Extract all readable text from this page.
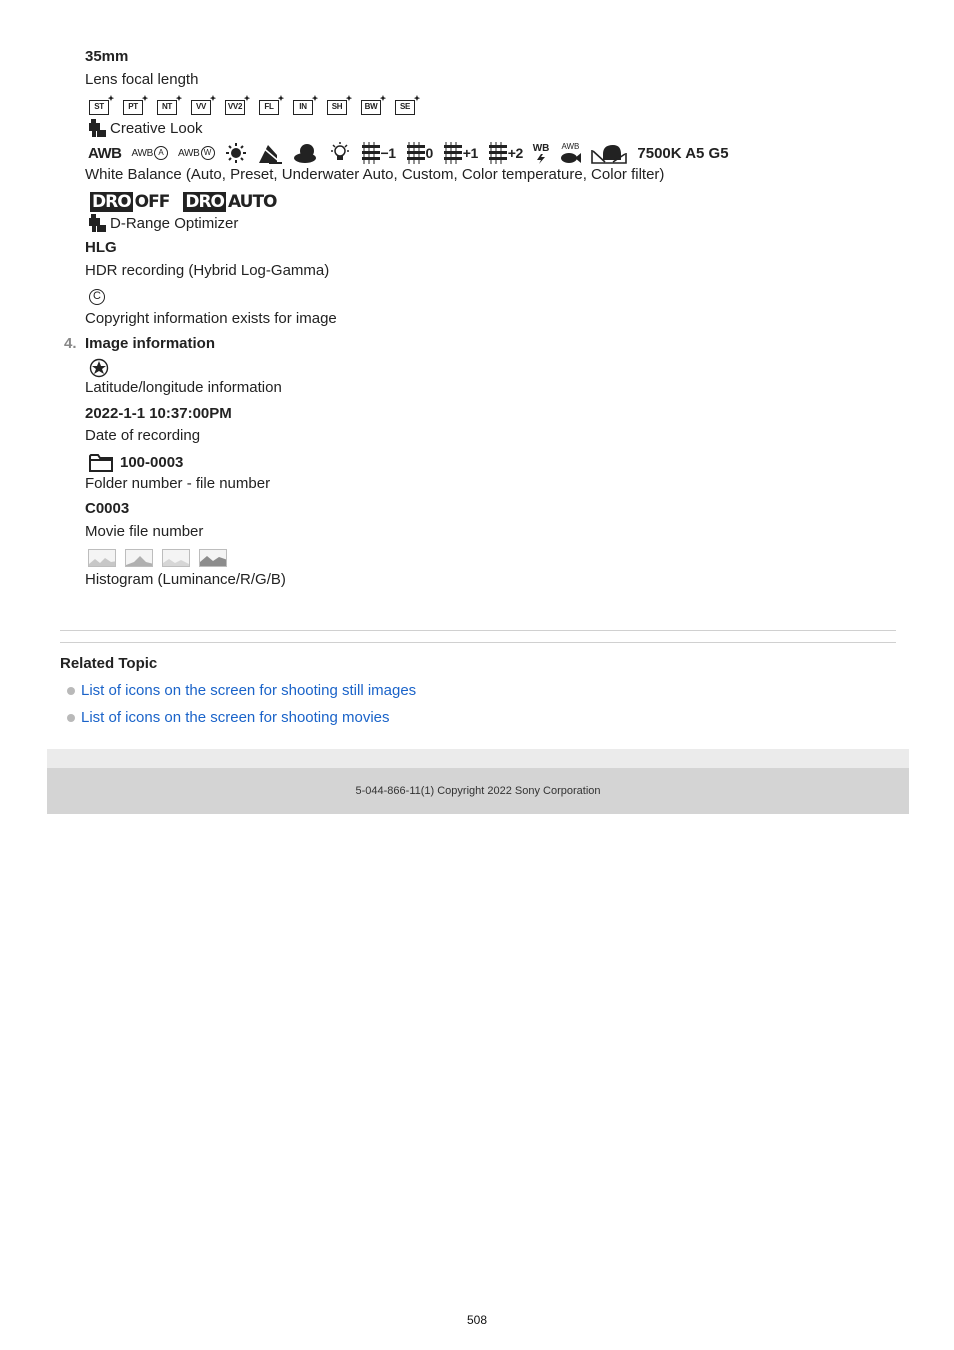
35mm
Lens focal length
ST
✦
PT
✦
NT
✦
VV
✦
VV2
✦
FL
✦
IN
✦
SH
✦
BW
✦
SE
✦
Creative Look
AWB AWB A	AWB W	−1 0 +1 +2 WB AWB	7500K A5 G5
White Balance (Auto, Preset, Underwater Auto, Custom, Color temperature, Color filter)
DRO OFF DRO AUTO
D-Range Optimizer
HLG
HDR recording (Hybrid Log-Gamma)
C
Copyright information exists for image
4. Image information
Latitude/longitude information
2022-1-1 10:37:00PM
Date of recording
100-0003
Folder number - file number
C0003
Movie file number
Histogram (Luminance/R/G/B)
Related Topic
List of icons on the screen for shooting still images
List of icons on the screen for shooting movies
5-044-866-11(1) Copyright 2022 Sony Corporation
508
